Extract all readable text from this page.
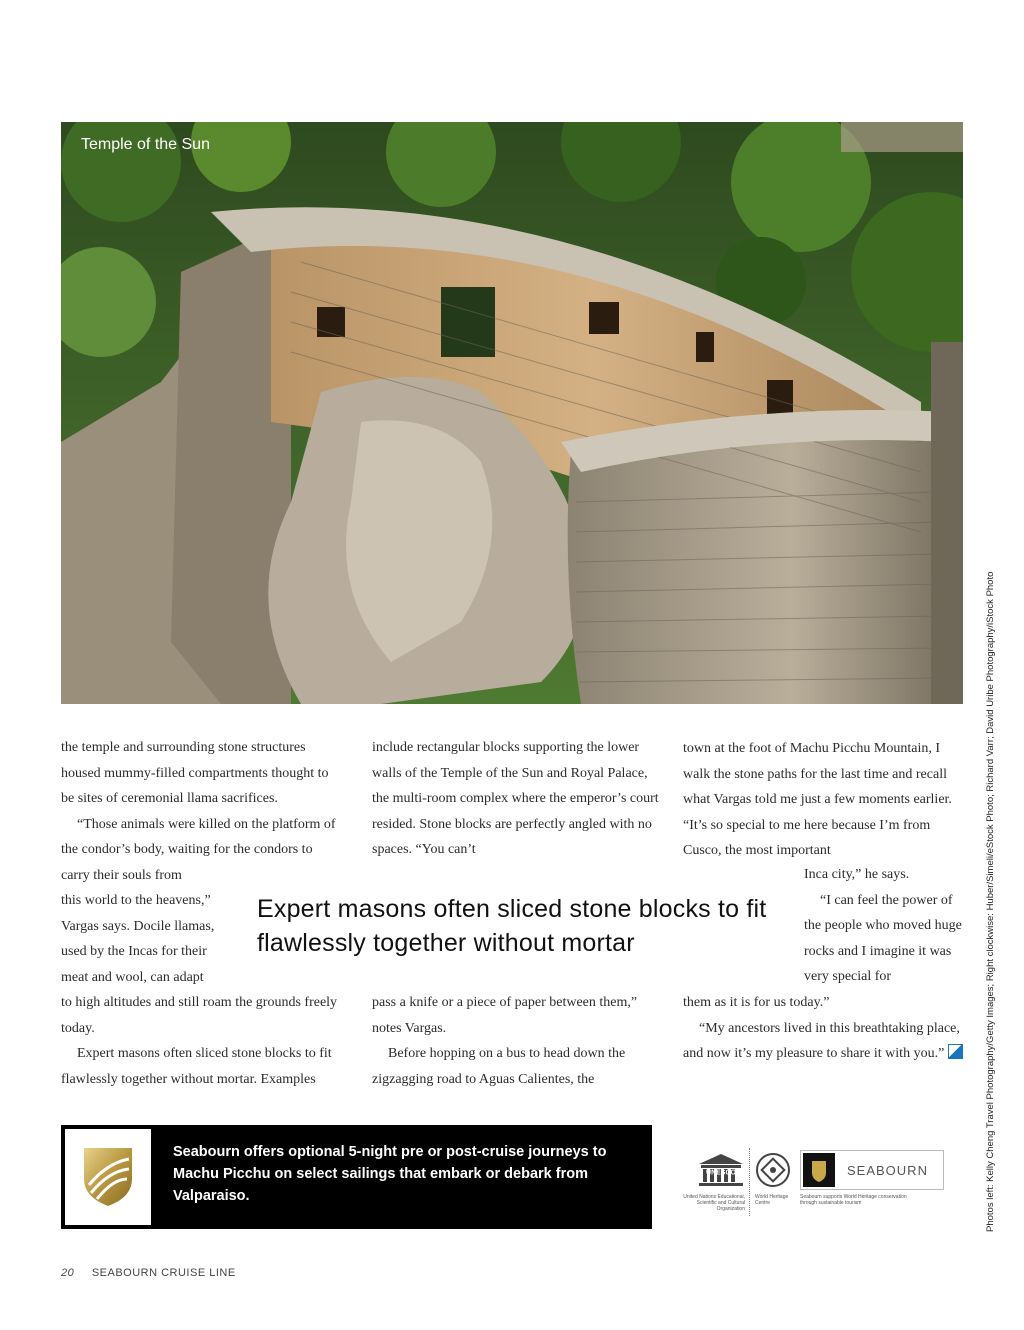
Temple of the Sun
Photos left: Kelly Cheng Travel Photography/Getty Images; Right clockwise: Huber/Simeli/eStock Photo; Richard Varr; David Uribe Photography/iStock Photo

the temple and surrounding stone structures housed mummy-filled compartments thought to be sites of ceremonial llama sacrifices.

“Those animals were killed on the platform of the condor’s body, waiting for the condors to carry their souls from

this world to the heavens,” Vargas says. Docile llamas, used by the Incas for their meat and wool, can adapt

to high altitudes and still roam the grounds freely today.

Expert masons often sliced stone blocks to fit flawlessly together without mortar. Examples

include rectangular blocks supporting the lower walls of the Temple of the Sun and Royal Palace, the multi-room complex where the emperor’s court resided. Stone blocks are perfectly angled with no spaces. “You can’t

pass a knife or a piece of paper between them,” notes Vargas.

Before hopping on a bus to head down the zigzagging road to Aguas Calientes, the

town at the foot of Machu Picchu Mountain, I walk the stone paths for the last time and recall what Vargas told me just a few moments earlier. “It’s so special to me here because I’m from Cusco, the most important

Inca city,” he says.

“I can feel the power of the people who moved huge rocks and I imagine it was very special for

them as it is for us today.”

“My ancestors lived in this breathtaking place, and now it’s my pleasure to share it with you.”

Expert masons often sliced stone blocks to fit flawlessly together without mortar
Seabourn offers optional 5-night pre or post-cruise journeys to Machu Picchu on select sailings that embark or debark from Valparaiso.
UNESCO
United Nations Educational, Scientific and Cultural Organization
World Heritage Centre
SEABOURN
Seabourn supports World Heritage conservation through sustainable tourism
20 SEABOURN CRUISE LINE
